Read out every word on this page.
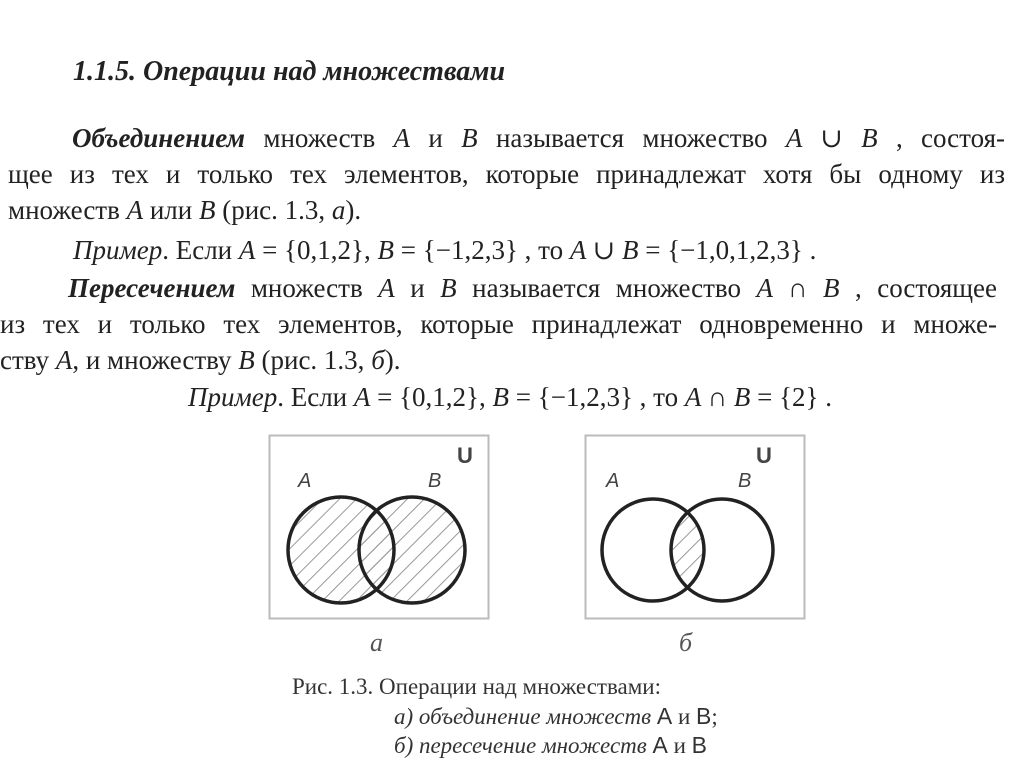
1.1.5. Операции над множествами
Объединением множеств A и B называется множество A ∪ B , состоя-
щее из тех и только тех элементов, которые принадлежат хотя бы одному из
множеств A или B (рис. 1.3, а).
Пример. Если A = {0,1,2}, B = {−1,2,3} , то A ∪ B = {−1,0,1,2,3} .
Пересечением множеств A и B называется множество A ∩ B , состоящее
из тех и только тех элементов, которые принадлежат одновременно и множе-
ству A, и множеству B (рис. 1.3, б).
Пример. Если A = {0,1,2}, B = {−1,2,3} , то A ∩ B = {2} .
U
A	B
U
A	B
а	б
Рис. 1.3. Операции над множествами:
а) объединение множеств A и B;
б) пересечение множеств A и B
